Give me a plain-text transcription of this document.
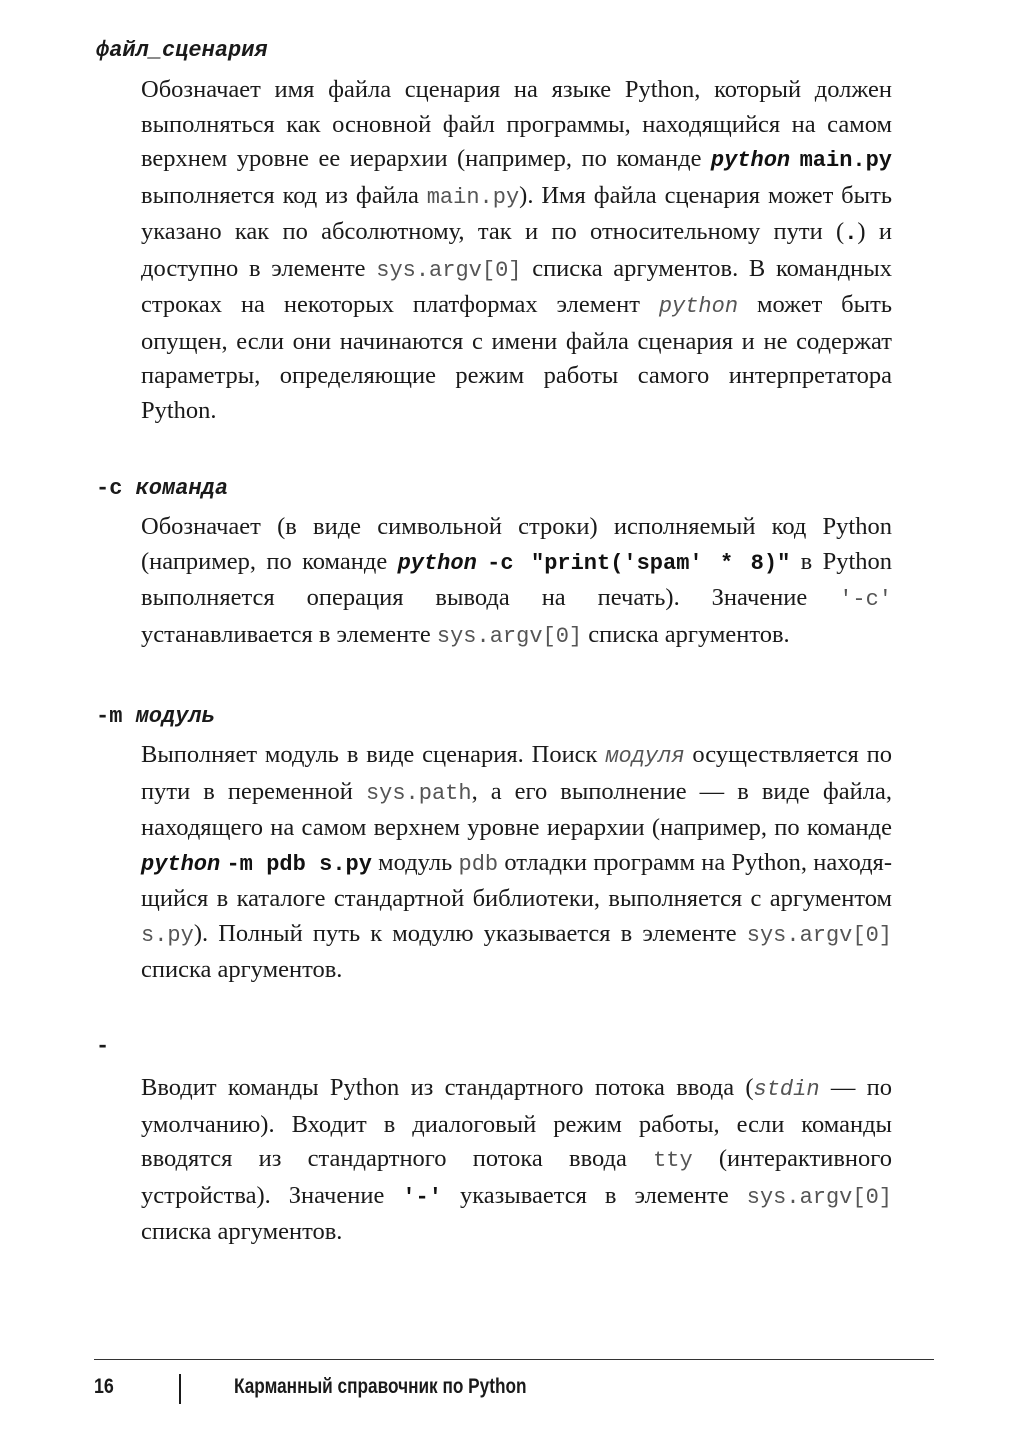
файл_сценария

Обозначает имя файла сценария на языке Python, который должен выполняться как основной файл программы, находящийся на самом верхнем уровне ее иерархии (например, по команде python main.py выполняется код из файла main.py). Имя файла сценария может быть указано как по абсолютному, так и по относительному пути (.) и доступно в элементе sys.argv[0] списка аргументов. В командных строках на некоторых платформах элемент python может быть опущен, если они начинаются с имени файла сценария и не содержат параметры, определяющие режим работы самого интерпретатора Python.

-c команда

Обозначает (в виде символьной строки) исполняемый код Python (например, по команде python -c "print('spam' * 8)" в Python выполняется операция вывода на печать). Значение '-c' устанавливается в элементе sys.argv[0] списка аргументов.

-m модуль

Выполняет модуль в виде сценария. Поиск модуля осуществляется по пути в переменной sys.path, а его выполнение — в виде файла, находящего на самом верхнем уровне иерархии (например, по команде python -m pdb s.py модуль pdb отладки программ на Python, находящийся в каталоге стандартной библиотеки, выполняется с аргументом s.py). Полный путь к модулю указывается в элементе sys.argv[0] списка аргументов.

-

Вводит команды Python из стандартного потока ввода (stdin — по умолчанию). Входит в диалоговый режим работы, если команды вводятся из стандартного потока ввода tty (интерактивного устройства). Значение '-' указывается в элементе sys.argv[0] списка аргументов.

16	Карманный справочник по Python
